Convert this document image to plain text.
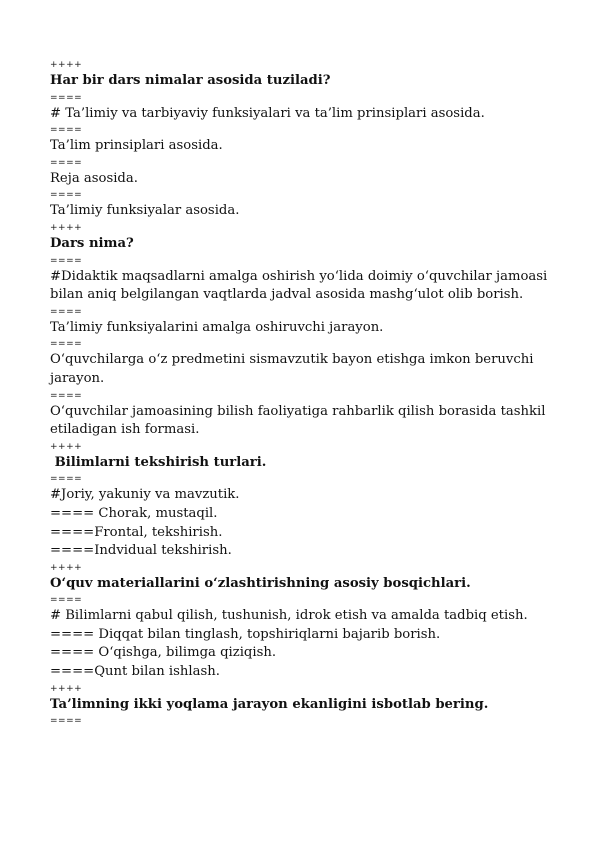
++++
Har bir dars nimalar asosida tuziladi?
====
# Ta’limiy va tarbiyaviy funksiyalari va ta’lim prinsiplari asosida.
====
Ta’lim prinsiplari asosida.
====
Reja asosida.
====
Ta’limiy funksiyalar asosida.
++++
Dars nima?
====
#Didaktik maqsadlarni amalga oshirish yo‘lida doimiy o‘quvchilar jamoasi bilan aniq belgilangan vaqtlarda jadval asosida mashg‘ulot olib borish.
====
Ta’limiy funksiyalarini amalga oshiruvchi jarayon.
====
O‘quvchilarga o‘z predmetini sismavzutik bayon etishga imkon beruvchi jarayon.
====
O‘quvchilar jamoasining bilish faoliyatiga rahbarlik qilish borasida tashkil etiladigan ish formasi.
++++
Bilimlarni tekshirish turlari.
====
#Joriy, yakuniy va mavzutik.
==== Chorak, mustaqil.
====Frontal, tekshirish.
====Indvidual tekshirish.
++++
O‘quv materiallarini o‘zlashtirishning asosiy bosqichlari.
====
# Bilimlarni qabul qilish, tushunish, idrok etish va amalda tadbiq etish.
==== Diqqat bilan tinglash, topshiriqlarni bajarib borish.
==== O‘qishga, bilimga qiziqish.
====Qunt bilan ishlash.
++++
Ta’limning ikki yoqlama jarayon ekanligini isbotlab bering.
====
